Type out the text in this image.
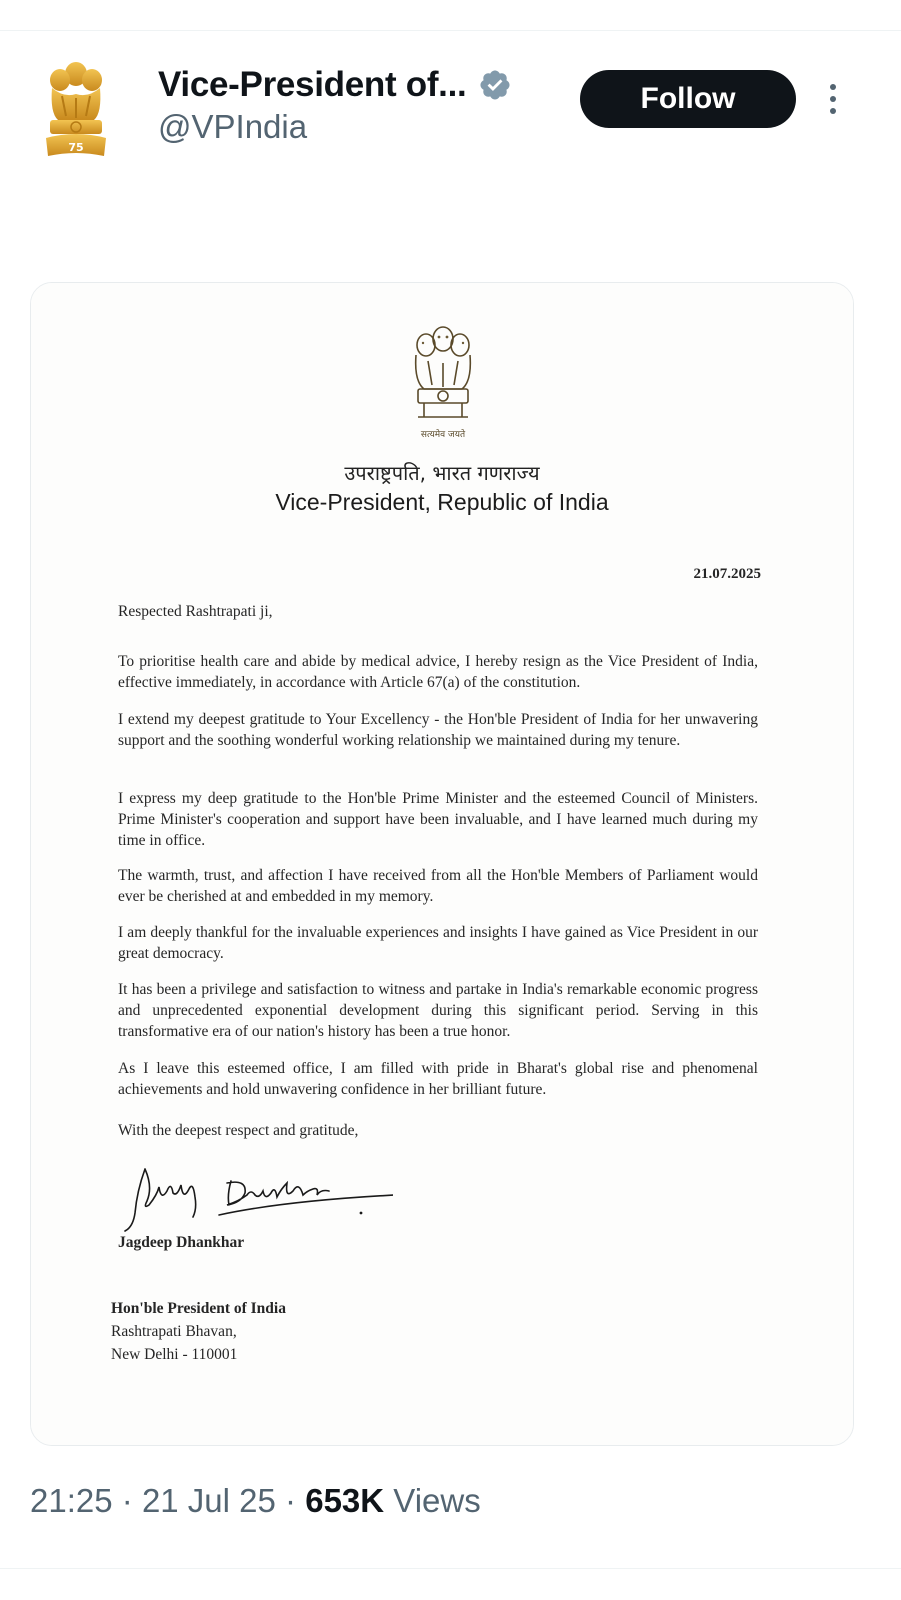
75
Vice-President of...
@VPIndia
Follow
सत्यमेव जयते
उपराष्ट्रपति, भारत गणराज्य
Vice-President, Republic of India
21.07.2025
Respected Rashtrapati ji,
To prioritise health care and abide by medical advice, I hereby resign as the Vice President of India, effective immediately, in accordance with Article 67(a) of the constitution.
I extend my deepest gratitude to Your Excellency - the Hon'ble President of India for her unwavering support and the soothing wonderful working relationship we maintained during my tenure.
I express my deep gratitude to the Hon'ble Prime Minister and the esteemed Council of Ministers. Prime Minister's cooperation and support have been invaluable, and I have learned much during my time in office.
The warmth, trust, and affection I have received from all the Hon'ble Members of Parliament would ever be cherished at and embedded in my memory.
I am deeply thankful for the invaluable experiences and insights I have gained as Vice President in our great democracy.
It has been a privilege and satisfaction to witness and partake in India's remarkable economic progress and unprecedented exponential development during this significant period. Serving in this transformative era of our nation's history has been a true honor.
As I leave this esteemed office, I am filled with pride in Bharat's global rise and phenomenal achievements and hold unwavering confidence in her brilliant future.
With the deepest respect and gratitude,
Jagdeep Dhankhar
Hon'ble President of India
Rashtrapati Bhavan,
New Delhi - 110001
21:25 · 21 Jul 25 · 653K Views
